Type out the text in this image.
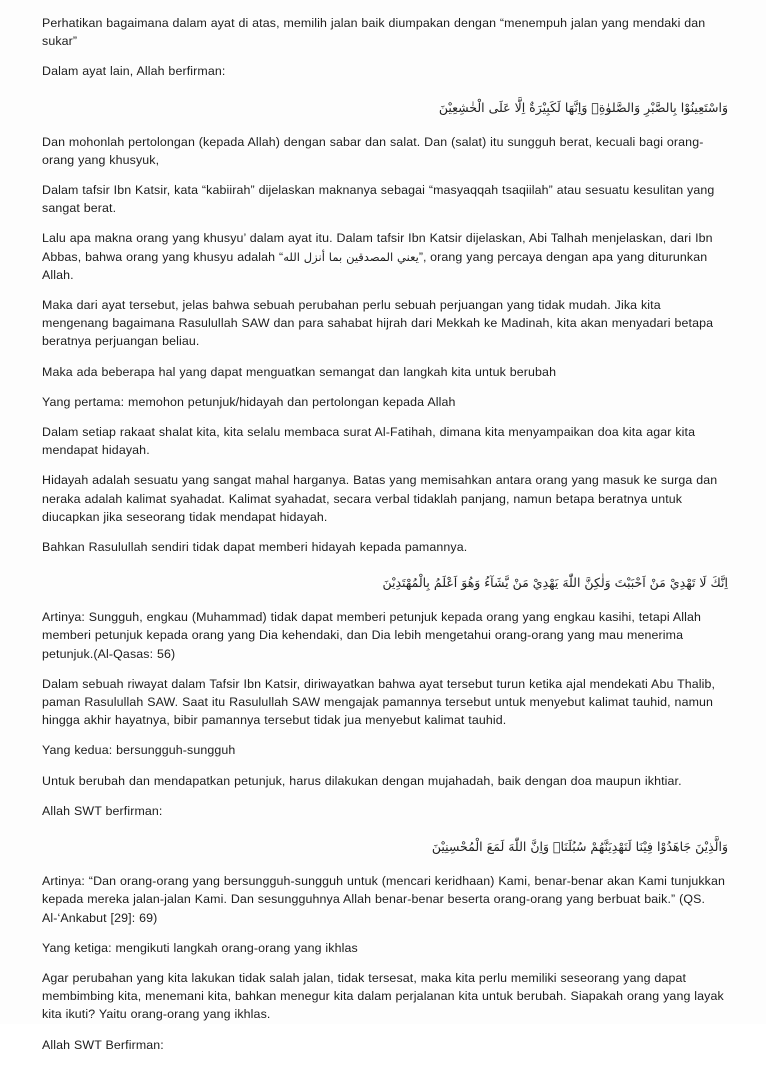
Perhatikan bagaimana dalam ayat di atas, memilih jalan baik diumpakan dengan “menempuh jalan yang mendaki dan sukar”

Dalam ayat lain, Allah berfirman:

وَاسْتَعِينُوْا بِالصَّبْرِ وَالصَّلوٰةِۗ وَاِنَّهَا لَكَبِيْرَةٌ اِلَّا عَلَى الْخٰشِعِيْنَ

Dan mohonlah pertolongan (kepada Allah) dengan sabar dan salat. Dan (salat) itu sungguh berat, kecuali bagi orang-orang yang khusyuk,

Dalam tafsir Ibn Katsir, kata “kabiirah” dijelaskan maknanya sebagai “masyaqqah tsaqiilah” atau sesuatu kesulitan yang sangat berat.

Lalu apa makna orang yang khusyu’ dalam ayat itu. Dalam tafsir Ibn Katsir dijelaskan, Abi Talhah menjelaskan, dari Ibn Abbas, bahwa orang yang khusyu adalah “يعني المصدقين بما أنزل الله”, orang yang percaya dengan apa yang diturunkan Allah.

Maka dari ayat tersebut, jelas bahwa sebuah perubahan perlu sebuah perjuangan yang tidak mudah. Jika kita mengenang bagaimana Rasulullah SAW dan para sahabat hijrah dari Mekkah ke Madinah, kita akan menyadari betapa beratnya perjuangan beliau.

Maka ada beberapa hal yang dapat menguatkan semangat dan langkah kita untuk berubah

Yang pertama: memohon petunjuk/hidayah dan pertolongan kepada Allah

Dalam setiap rakaat shalat kita, kita selalu membaca surat Al-Fatihah, dimana kita menyampaikan doa kita agar kita mendapat hidayah.

Hidayah adalah sesuatu yang sangat mahal harganya. Batas yang memisahkan antara orang yang masuk ke surga dan neraka adalah kalimat syahadat. Kalimat syahadat, secara verbal tidaklah panjang, namun betapa beratnya untuk diucapkan jika seseorang tidak mendapat hidayah.

Bahkan Rasulullah sendiri tidak dapat memberi hidayah kepada pamannya.

اِنَّكَ لَا تَهْدِيْ مَنْ اَحْبَبْتَ وَلٰكِنَّ اللّٰهَ يَهْدِيْ مَنْ يَّشَآءُ وَهُوَ اَعْلَمُ بِالْمُهْتَدِيْنَ

Artinya: Sungguh, engkau (Muhammad) tidak dapat memberi petunjuk kepada orang yang engkau kasihi, tetapi Allah memberi petunjuk kepada orang yang Dia kehendaki, dan Dia lebih mengetahui orang-orang yang mau menerima petunjuk.(Al-Qasas: 56)

Dalam sebuah riwayat dalam Tafsir Ibn Katsir, diriwayatkan bahwa ayat tersebut turun ketika ajal mendekati Abu Thalib, paman Rasulullah SAW. Saat itu Rasulullah SAW mengajak pamannya tersebut untuk menyebut kalimat tauhid, namun hingga akhir hayatnya, bibir pamannya tersebut tidak jua menyebut kalimat tauhid.

Yang kedua: bersungguh-sungguh

Untuk berubah dan mendapatkan petunjuk, harus dilakukan dengan mujahadah, baik dengan doa maupun ikhtiar.

Allah SWT berfirman:

وَالَّذِيْنَ جَاهَدُوْا فِيْنَا لَنَهْدِيَنَّهُمْ سُبُلَنَاۗ وَاِنَّ اللّٰهَ لَمَعَ الْمُحْسِنِيْنَ

Artinya: “Dan orang-orang yang bersungguh-sungguh untuk (mencari keridhaan) Kami, benar-benar akan Kami tunjukkan kepada mereka jalan-jalan Kami. Dan sesungguhnya Allah benar-benar beserta orang-orang yang berbuat baik.” (QS. Al-‘Ankabut [29]: 69)

Yang ketiga: mengikuti langkah orang-orang yang ikhlas

Agar perubahan yang kita lakukan tidak salah jalan, tidak tersesat, maka kita perlu memiliki seseorang yang dapat membimbing kita, menemani kita, bahkan menegur kita dalam perjalanan kita untuk berubah. Siapakah orang yang layak kita ikuti? Yaitu orang-orang yang ikhlas.

Allah SWT Berfirman:
